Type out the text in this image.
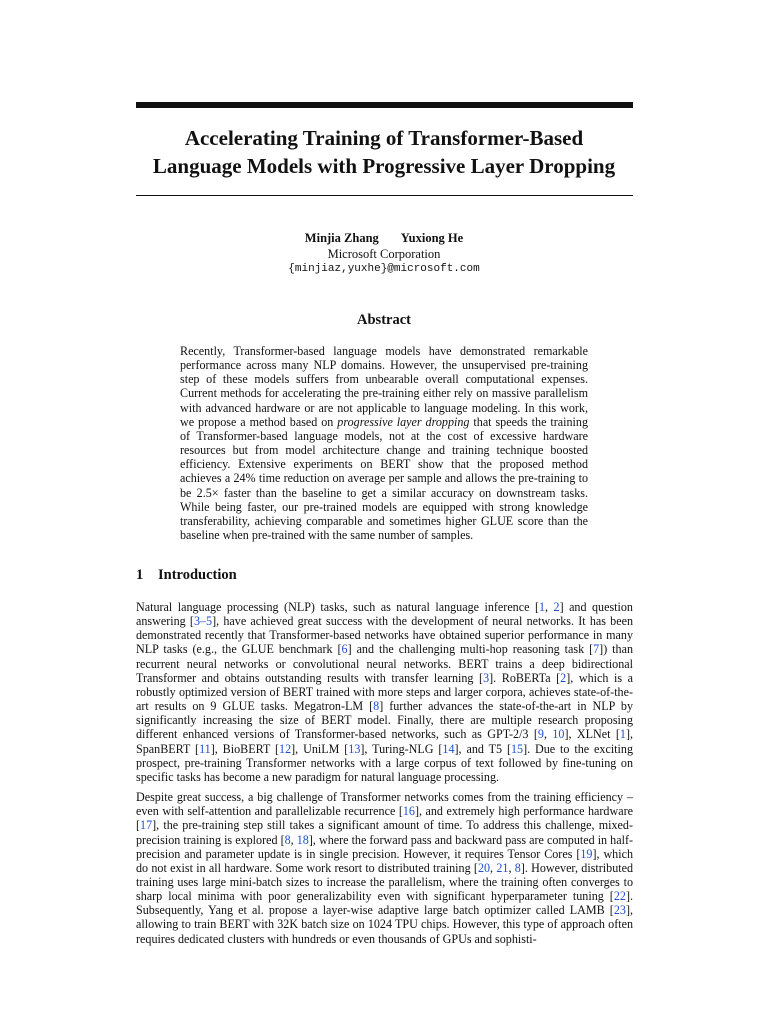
Accelerating Training of Transformer-Based
Language Models with Progressive Layer Dropping
Minjia Zhang Yuxiong He
Microsoft Corporation
{minjiaz,yuxhe}@microsoft.com
Abstract
Recently, Transformer-based language models have demonstrated remarkable performance across many NLP domains. However, the unsupervised pre-training step of these models suffers from unbearable overall computational expenses. Current methods for accelerating the pre-training either rely on massive parallelism with advanced hardware or are not applicable to language modeling. In this work, we propose a method based on progressive layer dropping that speeds the training of Transformer-based language models, not at the cost of excessive hardware resources but from model architecture change and training technique boosted efficiency. Extensive experiments on BERT show that the proposed method achieves a 24% time reduction on average per sample and allows the pre-training to be 2.5× faster than the baseline to get a similar accuracy on downstream tasks. While being faster, our pre-trained models are equipped with strong knowledge transferability, achieving comparable and sometimes higher GLUE score than the baseline when pre-trained with the same number of samples.
1 Introduction

Natural language processing (NLP) tasks, such as natural language inference [1, 2] and question answering [3–5], have achieved great success with the development of neural networks. It has been demonstrated recently that Transformer-based networks have obtained superior performance in many NLP tasks (e.g., the GLUE benchmark [6] and the challenging multi-hop reasoning task [7]) than recurrent neural networks or convolutional neural networks. BERT trains a deep bidirectional Transformer and obtains outstanding results with transfer learning [3]. RoBERTa [2], which is a robustly optimized version of BERT trained with more steps and larger corpora, achieves state-of-the-art results on 9 GLUE tasks. Megatron-LM [8] further advances the state-of-the-art in NLP by significantly increasing the size of BERT model. Finally, there are multiple research proposing different enhanced versions of Transformer-based networks, such as GPT-2/3 [9, 10], XLNet [1], SpanBERT [11], BioBERT [12], UniLM [13], Turing-NLG [14], and T5 [15]. Due to the exciting prospect, pre-training Transformer networks with a large corpus of text followed by fine-tuning on specific tasks has become a new paradigm for natural language processing.

Despite great success, a big challenge of Transformer networks comes from the training efficiency – even with self-attention and parallelizable recurrence [16], and extremely high performance hardware [17], the pre-training step still takes a significant amount of time. To address this challenge, mixed-precision training is explored [8, 18], where the forward pass and backward pass are computed in half-precision and parameter update is in single precision. However, it requires Tensor Cores [19], which do not exist in all hardware. Some work resort to distributed training [20, 21, 8]. However, distributed training uses large mini-batch sizes to increase the parallelism, where the training often converges to sharp local minima with poor generalizability even with significant hyperparameter tuning [22]. Subsequently, Yang et al. propose a layer-wise adaptive large batch optimizer called LAMB [23], allowing to train BERT with 32K batch size on 1024 TPU chips. However, this type of approach often requires dedicated clusters with hundreds or even thousands of GPUs and sophisti-
